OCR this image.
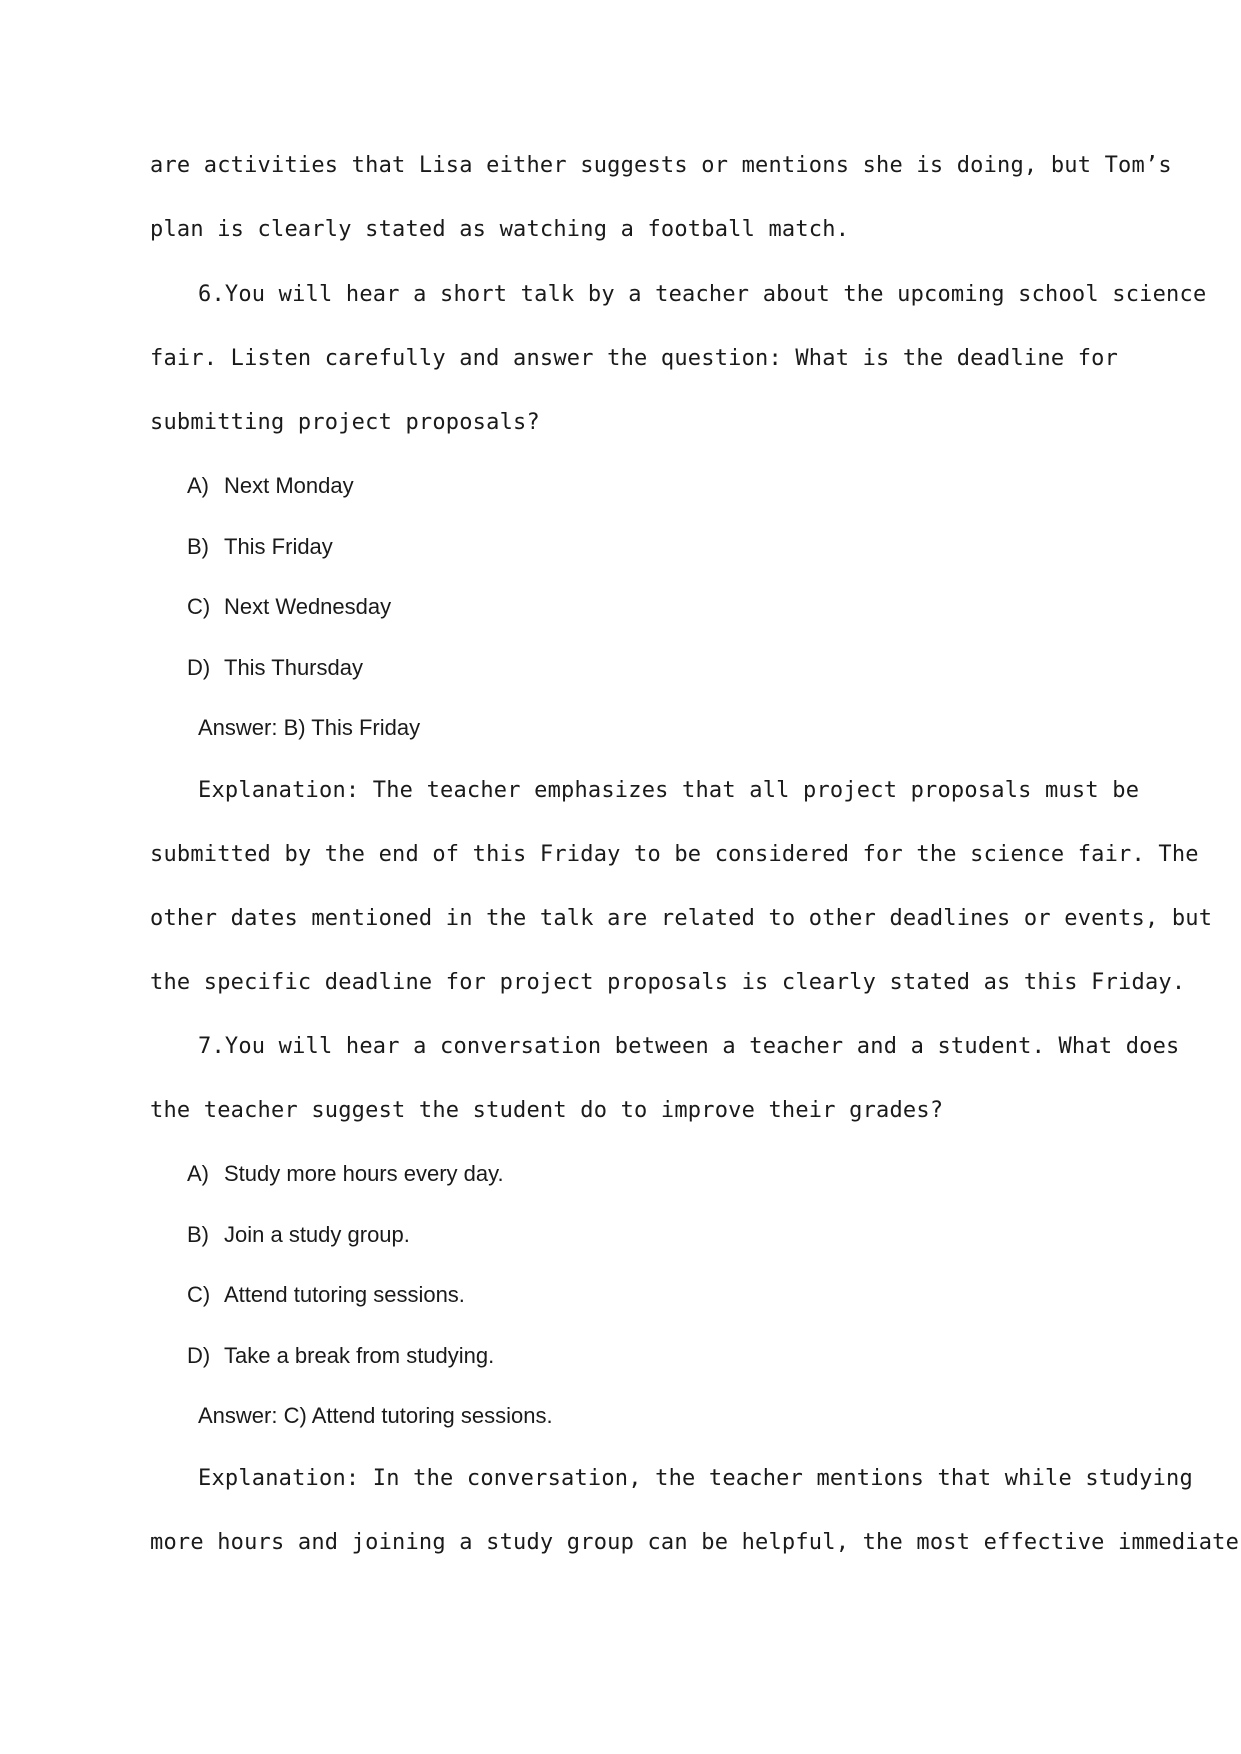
are activities that Lisa either suggests or mentions she is doing, but Tom’s
plan is clearly stated as watching a football match.
6.You will hear a short talk by a teacher about the upcoming school science
fair. Listen carefully and answer the question: What is the deadline for
submitting project proposals?
A) Next Monday
B) This Friday
C) Next Wednesday
D) This Thursday
Answer: B) This Friday
Explanation: The teacher emphasizes that all project proposals must be
submitted by the end of this Friday to be considered for the science fair. The
other dates mentioned in the talk are related to other deadlines or events, but
the specific deadline for project proposals is clearly stated as this Friday.
7.You will hear a conversation between a teacher and a student. What does
the teacher suggest the student do to improve their grades?
A) Study more hours every day.
B) Join a study group.
C) Attend tutoring sessions.
D) Take a break from studying.
Answer: C) Attend tutoring sessions.
Explanation: In the conversation, the teacher mentions that while studying
more hours and joining a study group can be helpful, the most effective immediate
